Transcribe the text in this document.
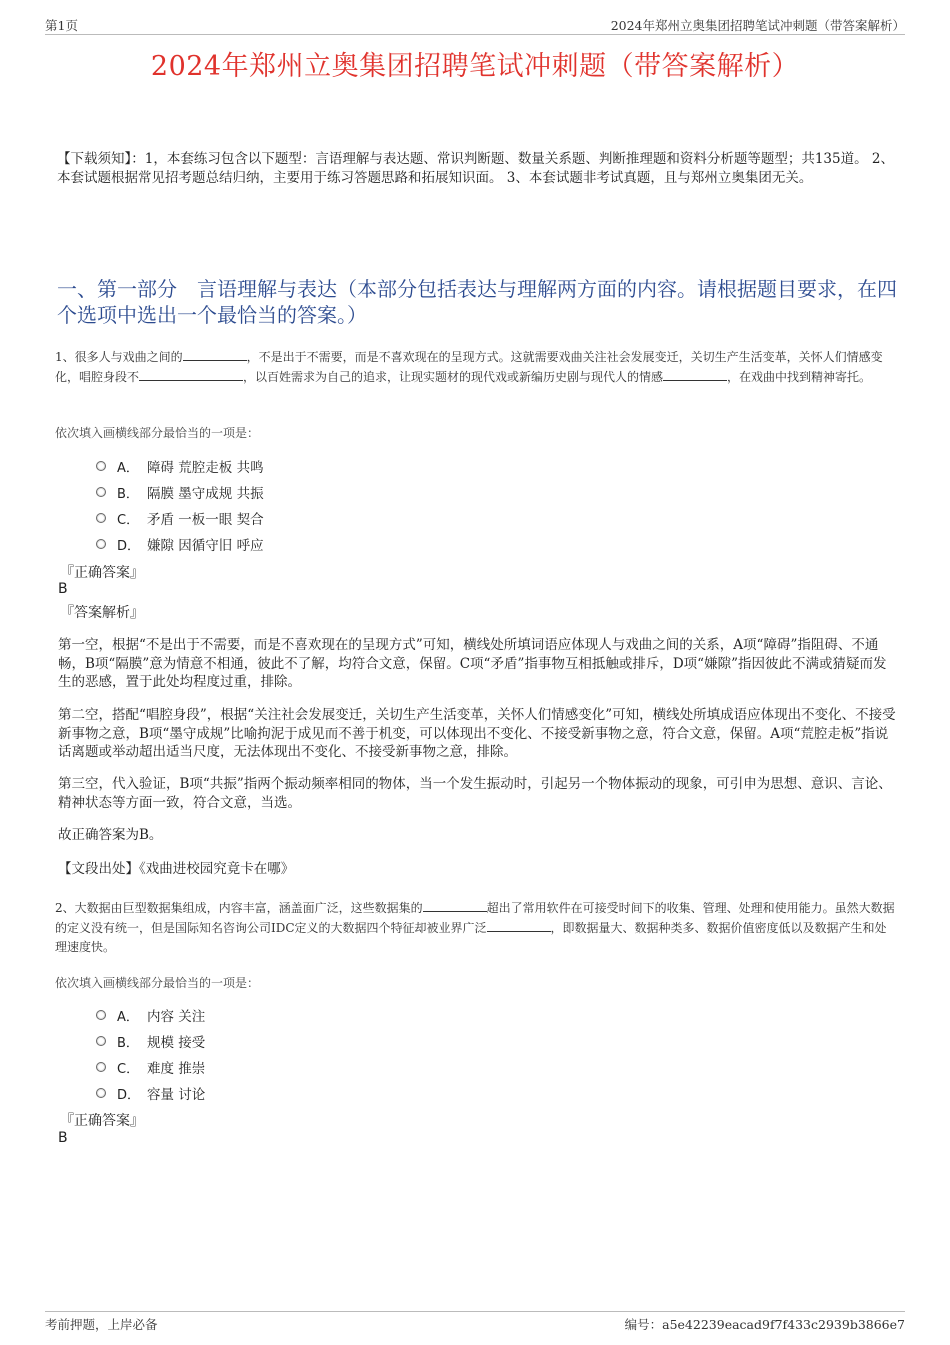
第1页	2024年郑州立奥集团招聘笔试冲刺题（带答案解析）
2024年郑州立奥集团招聘笔试冲刺题（带答案解析）
【下载须知】：1，本套练习包含以下题型：言语理解与表达题、常识判断题、数量关系题、判断推理题和资料分析题等题型；共135道。 2、本套试题根据常见招考题总结归纳，主要用于练习答题思路和拓展知识面。 3、本套试题非考试真题，且与郑州立奥集团无关。
一、第一部分　言语理解与表达（本部分包括表达与理解两方面的内容。请根据题目要求，在四个选项中选出一个最恰当的答案。）
1、很多人与戏曲之间的	，不是出于不需要，而是不喜欢现在的呈现方式。这就需要戏曲关注社会发展变迁，关切生产生活变革，关怀人们情感变化，唱腔身段不	，以百姓需求为自己的追求，让现实题材的现代戏或新编历史剧与现代人的情感	，在戏曲中找到精神寄托。
依次填入画横线部分最恰当的一项是：
A． 障碍 荒腔走板 共鸣
B． 隔膜 墨守成规 共振
C． 矛盾 一板一眼 契合
D． 嫌隙 因循守旧 呼应
『正确答案』
B
『答案解析』
第一空，根据“不是出于不需要，而是不喜欢现在的呈现方式”可知，横线处所填词语应体现人与戏曲之间的关系，A项“障碍”指阻碍、不通畅，B项“隔膜”意为情意不相通，彼此不了解，均符合文意，保留。C项“矛盾”指事物互相抵触或排斥，D项“嫌隙”指因彼此不满或猜疑而发生的恶感，置于此处均程度过重，排除。
第二空，搭配“唱腔身段”，根据“关注社会发展变迁，关切生产生活变革，关怀人们情感变化”可知，横线处所填成语应体现出不变化、不接受新事物之意，B项“墨守成规”比喻拘泥于成见而不善于机变，可以体现出不变化、不接受新事物之意，符合文意，保留。A项“荒腔走板”指说话离题或举动超出适当尺度，无法体现出不变化、不接受新事物之意，排除。
第三空，代入验证，B项“共振”指两个振动频率相同的物体，当一个发生振动时，引起另一个物体振动的现象，可引申为思想、意识、言论、精神状态等方面一致，符合文意，当选。
故正确答案为B。
【文段出处】《戏曲进校园究竟卡在哪》
2、大数据由巨型数据集组成，内容丰富，涵盖面广泛，这些数据集的	超出了常用软件在可接受时间下的收集、管理、处理和使用能力。虽然大数据的定义没有统一，但是国际知名咨询公司IDC定义的大数据四个特征却被业界广泛	，即数据量大、数据种类多、数据价值密度低以及数据产生和处理速度快。
依次填入画横线部分最恰当的一项是：
A． 内容 关注
B． 规模 接受
C． 难度 推崇
D． 容量 讨论
『正确答案』
B
考前押题，上岸必备	编号：a5e42239eacad9f7f433c2939b3866e7
